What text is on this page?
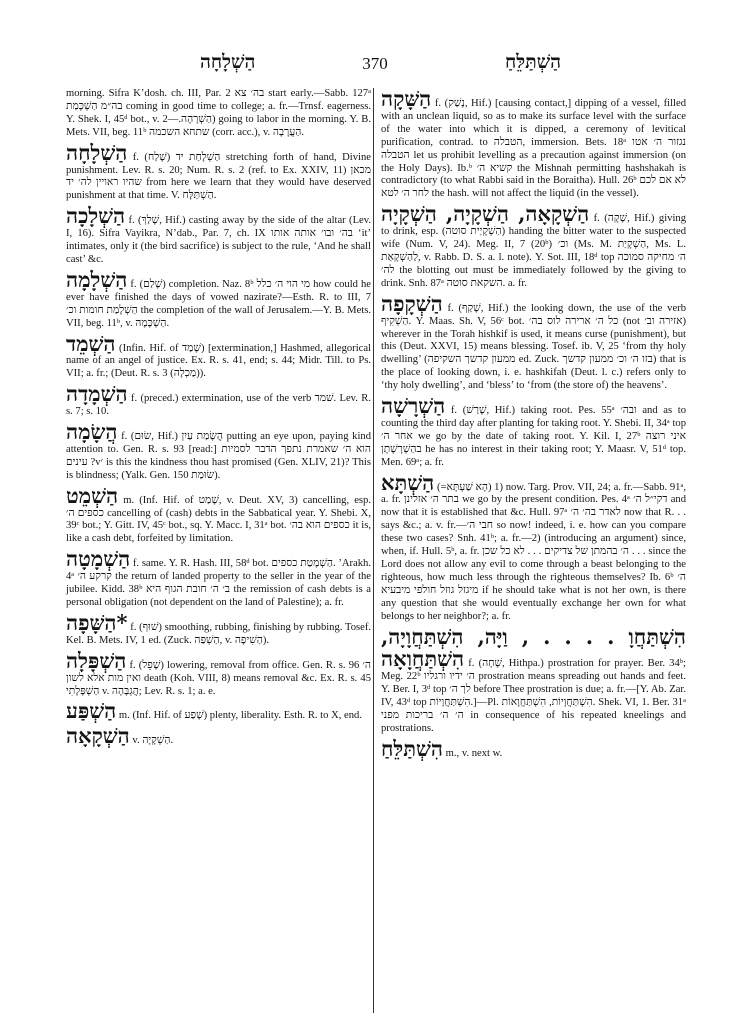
הַשְׁלָחָה	370	הַשְׁתַּלֵּחַ

morning. Sifra K’dosh. ch. III, Par. 2 בה׳ צא start early.—Sabb. 127ᵃ בה״מ הַשְׁכָּמַת coming in good time to college; a. fr.—Trnsf. eagerness. Y. Shek. I, 45ᵈ bot., v. הַשְׁרָהָה.—2) going to labor in the morning. Y. B. Mets. VII, beg. 11ᵇ שתחא השכמה (corr. acc.), v. הַעֲרָבָה.

הַשְׁלָחָה f. (שָׁלַח) הַשְׁלָחַת יד stretching forth of hand, Divine punishment. Lev. R. s. 20; Num. R. s. 2 (ref. to Ex. XXIV, 11) מכאן שהיו ראויין לה׳ יד from here we learn that they would have deserved punishment at that time. V. הַשְׁתַּלָּח.

הַשְׁלָכָה f. (שָׁלַךְ, Hif.) casting away by the side of the altar (Lev. I, 16). Sifra Vayikra, N’dab., Par. 7, ch. IX בה׳ ובו׳ אותה אותו ‘it’ intimates, only it (the bird sacrifice) is subject to the rule, ‘And he shall cast’ &c.

הַשְׁלָמָה f. (שָׁלַם) completion. Naz. 8ᵇ מי הוי ה׳ כלל how could he ever have finished the days of vowed nazirate?—Esth. R. to III, 7 הַשְׁלָמַת חומות וכ׳ the completion of the wall of Jerusalem.—Y. B. Mets. VII, beg. 11ᵇ, v. הַשְׁכָּמָה.

הַשְׁמֵד (Infin. Hif. of שָׁמַד) [extermination,] Hashmed, allegorical name of an angel of justice. Ex. R. s. 41, end; s. 44; Midr. Till. to Ps. VII; a. fr.; (Deut. R. s. 3 (מַכְלָה)).

הַשְׁמָדָה f. (preced.) extermination, use of the verb שׁמד. Lev. R. s. 7; s. 10.

הֲשָׂמָה f. (שׂוּם, Hif.) הֲשָׂמַת עַיִן putting an eye upon, paying kind attention to. Gen. R. s. 93 [read:] הוא ה׳ שאמרת נתפך הדבר לסמיות עינים ?v׳ is this the kindness thou hast promised (Gen. XLIV, 21)? This is blindness; (Yalk. Gen. 150 שׂוּמַת).

הַשְׁמֵט m. (Inf. Hif. of שָׁמַט, v. Deut. XV, 3) cancelling, esp. כספים ה׳ cancelling of (cash) debts in the Sabbatical year. Y. Shebi. X, 39ᶜ bot.; Y. Gitt. IV, 45ᶜ bot., sq. Y. Macc. I, 31ᵃ bot. כספים הוא בה׳ it is, like a cash debt, forfeited by limitation.

הַשְׁמָטָה f. same. Y. R. Hash. III, 58ᵈ bot. הַשְׁמָטַת כספים. ’Arakh. 4ᵃ קרקע ה׳ the return of landed property to the seller in the year of the jubilee. Kidd. 38ᵇ ב׳ ה׳ חובת הגוף היא the remission of cash debts is a personal obligation (not dependent on the land of Palestine); a. fr.

*הַשָּׁפָה f. (שׁוּף) smoothing, rubbing, finishing by rubbing. Tosef. Kel. B. Mets. IV, 1 ed. (Zuck. הַשְׁפַּה, v. הַשִׁיפָה).

הַשְׁפָּלָה f. (שָׁפֵל) lowering, removal from office. Gen. R. s. 96 ה׳ ואין מות אלא לשון death (Koh. VIII, 8) means removal &c. Ex. R. s. 45 הַשְׁפָּלָתִי v. הֲגְבָּהָה; Lev. R. s. 1; a. e.

הַשְׁפַּע m. (Inf. Hif. of שָׁפַע) plenty, liberality. Esth. R. to X, end.

הַשְׁקָאָה v. הַשְׁקָיָה.

הַשָּׁקָה f. (נָשַׁק, Hif.) [causing contact,] dipping of a vessel, filled with an unclean liquid, so as to make its surface level with the surface of the water into which it is dipped, a ceremony of levitical purification, contrad. to הטבלה, immersion. Bets. 18ᵃ נגזור ה׳ אטו הטבלה let us prohibit levelling as a precaution against immersion (on the Holy Days). Ib.ᵇ קשיא ה׳ the Mishnah permitting hashshakah is contradictory (to what Rabbi said in the Boraitha). Hull. 26ᵇ לא אם לכם לחר ה׳ לטא the hash. will not affect the liquid (in the vessel).

הַשְׁקָאָה, הַשְׁקָיָה, הַשְׁקָיָה f. (שָׁקָה, Hif.) giving to drink, esp. (הַשְׁקָיַית סוטה) handing the bitter water to the suspected wife (Num. V, 24). Meg. II, 7 (20ᵇ) וכ׳ (Ms. M. הַשְׁקָיַת, Ms. L. לַהַשְׁקָאַת, v. Rabb. D. S. a. l. note). Y. Sot. III, 18ᵈ top ה׳ מחיקה סמוכה לה׳ the blotting out must be immediately followed by the giving to drink. Snh. 87ᵃ השקאת סוטה. a. fr.

הַשְׁקָפָה f. (שָׁקַף, Hif.) the looking down, the use of the verb הַשְׁקִיף. Y. Maas. Sh. V, 56ᶜ bot. כל ה׳ ארירה לוס בה׳ (not אזירה וב׳) wherever in the Torah hishkif is used, it means curse (punishment), but this (Deut. XXVI, 15) means blessing. Tosef. ib. V, 25 ‘from thy holy dwelling’ (ממעון קדשך השקיפה ed. Zuck. בזו ה׳ וכ׳ ממעון קדשך) that is the place of looking down, i. e. hashkifah (Deut. l. c.) refers only to ‘thy holy dwelling’, and ‘bless’ to ‘from (the store of) the heavens’.

הַשְׁרָשָׁה f. (שָׁרַשׁ, Hif.) taking root. Pes. 55ᵃ ובה׳ and as to counting the third day after planting for taking root. Y. Shebi. II, 34ᵃ top אחר ה׳ we go by the date of taking root. Y. Kil. I, 27ᵇ איני רוצה בהַשְׁרָשָׁתָן he has no interest in their taking root; Y. Maasr. V, 51ᵈ top. Men. 69ᵃ; a. fr.

הַשְׁתָּא (=הָא שַׁעְתָּא) 1) now. Targ. Prov. VII, 24; a. fr.—Sabb. 91ᵃ, a. fr. בתר ה׳ אזלינן we go by the present condition. Pes. 4ᵃ דקי״ל ה׳ and now that it is established that &c. Hull. 97ᵃ לאדר בה׳ ה׳ now that R. . . says &c.; a. v. fr.—חבי ה׳ so now! indeed, i. e. how can you compare these two cases? Snh. 41ᵇ; a. fr.—2) (introducing an argument) since, when, if. Hull. 5ᵇ, a. fr. ה׳ בהמתן של צדיקים . . . לא כל שכן . . . since the Lord does not allow any evil to come through a beast belonging to the righteous, how much less through the righteous themselves? Ib. 6ᵇ ה׳ מיגזל גוזל חולפי מיבעיא if he should take what is not her own, is there any question that she would eventually exchange her own for what belongs to her neighbor?; a. fr.

הִשְׁתַּחֲוָ . . . . , וַיָּה, הִשְׁתַּחֲוָיָה, הִשְׁתַּחֲוָאָה f. (שָׁחָה, Hithpa.) prostration for prayer. Ber. 34ᵇ; Meg. 22ᵇ ה׳ ידיו ורגליו prostration means spreading out hands and feet. Y. Ber. I, 3ᵈ top לך ה׳ before Thee prostration is due; a. fr.—[Y. Ab. Zar. IV, 43ᵈ top הִשְׁתַּחֲוָיוֹת.]—Pl. הִשְׁתַּחֲוָיוֹת, הִשְׁתַּחֲוָאוֹת. Shek. VI, 1. Ber. 31ᵃ ה׳ ה׳ בריכות מפני in consequence of his repeated kneelings and prostrations.

הִשְׁתַּלֵּחַ m., v. next w.
